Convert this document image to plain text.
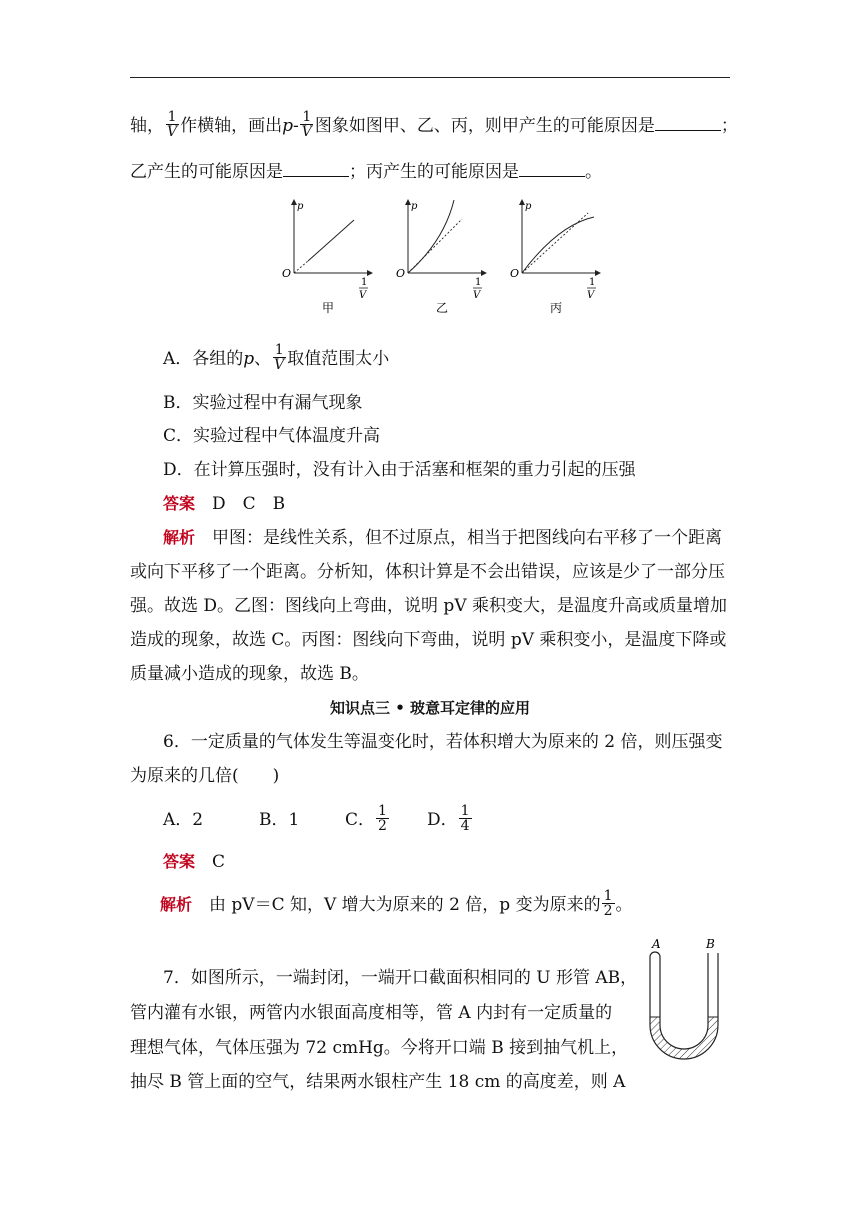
轴， $\frac{1}{V}$ 作横轴，画出$p- \frac{1}{V}$ 图象如图甲、乙、丙，则甲产生的可能原因是	；
乙产生的可能原因是	；丙产生的可能原因是	。
p
O
1
V
甲
p
O
1
V
乙
p
O
1
V
丙
A．各组的p、 $\frac{1}{V}$ 取值范围太小
B．实验过程中有漏气现象
C．实验过程中气体温度升高
D．在计算压强时，没有计入由于活塞和框架的重力引起的压强
答案　 D　C　B
解析　 甲图：是线性关系，但不过原点，相当于把图线向右平移了一个距离
或向下平移了一个距离。分析知，体积计算是不会出错误，应该是少了一部分压
强。故选 D。乙图：图线向上弯曲，说明 pV 乘积变大，是温度升高或质量增加
造成的现象，故选 C。丙图：图线向下弯曲，说明 pV 乘积变小，是温度下降或
质量减小造成的现象，故选 B。
知识点三 • 玻意耳定律的应用
6．一定质量的气体发生等温变化时，若体积增大为原来的 2 倍，则压强变
为原来的几倍(　　)
A．2	B．1	C． $\frac{1}{2}$ D． $\frac{1}{4}$
答案　 C
解析　 由 pV＝C 知，V 增大为原来的 2 倍，p 变为原来的 $\frac{1}{2}$ 。
7．如图所示，一端封闭，一端开口截面积相同的 U 形管 AB，
管内灌有水银，两管内水银面高度相等，管 A 内封有一定质量的
理想气体，气体压强为 72 cmHg。今将开口端 B 接到抽气机上，
抽尽 B 管上面的空气，结果两水银柱产生 18 cm 的高度差，则 A
A	B
